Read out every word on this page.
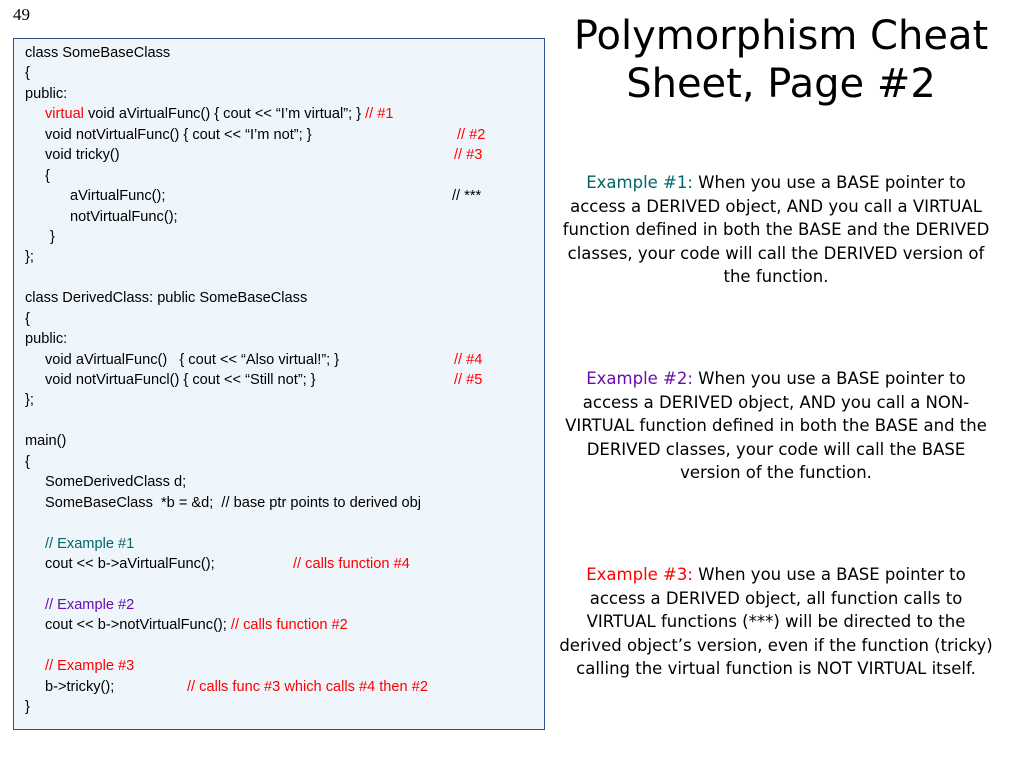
49
class SomeBaseClass
{
public:
virtual void aVirtualFunc() { cout << “I’m virtual”; } // #1
void notVirtualFunc() { cout << “I’m not”; }	// #2
void tricky()	// #3
{
aVirtualFunc();	// ***
notVirtualFunc();
}
};
class DerivedClass: public SomeBaseClass
{
public:
void aVirtualFunc()   { cout << “Also virtual!”; }	// #4
void notVirtuaFuncl() { cout << “Still not”; }	// #5
};
main()
{
SomeDerivedClass d;
SomeBaseClass  *b = &d;  // base ptr points to derived obj
// Example #1
cout << b->aVirtualFunc();	// calls function #4
// Example #2
cout << b->notVirtualFunc(); // calls function #2
// Example #3
b->tricky();	// calls func #3 which calls #4 then #2
}
Polymorphism Cheat
Sheet, Page #2
Example #1: When you use a BASE pointer to access a DERIVED object, AND you call a VIRTUAL function defined in both the BASE and the DERIVED classes, your code will call the DERIVED version of the function.
Example #2: When you use a BASE pointer to access a DERIVED object, AND you call a NON-VIRTUAL function defined in both the BASE and the DERIVED classes, your code will call the BASE version of the function.
Example #3: When you use a BASE pointer to access a DERIVED object, all function calls to VIRTUAL functions (***) will be directed to the derived object’s version, even if the function (tricky) calling the virtual function is NOT VIRTUAL itself.
